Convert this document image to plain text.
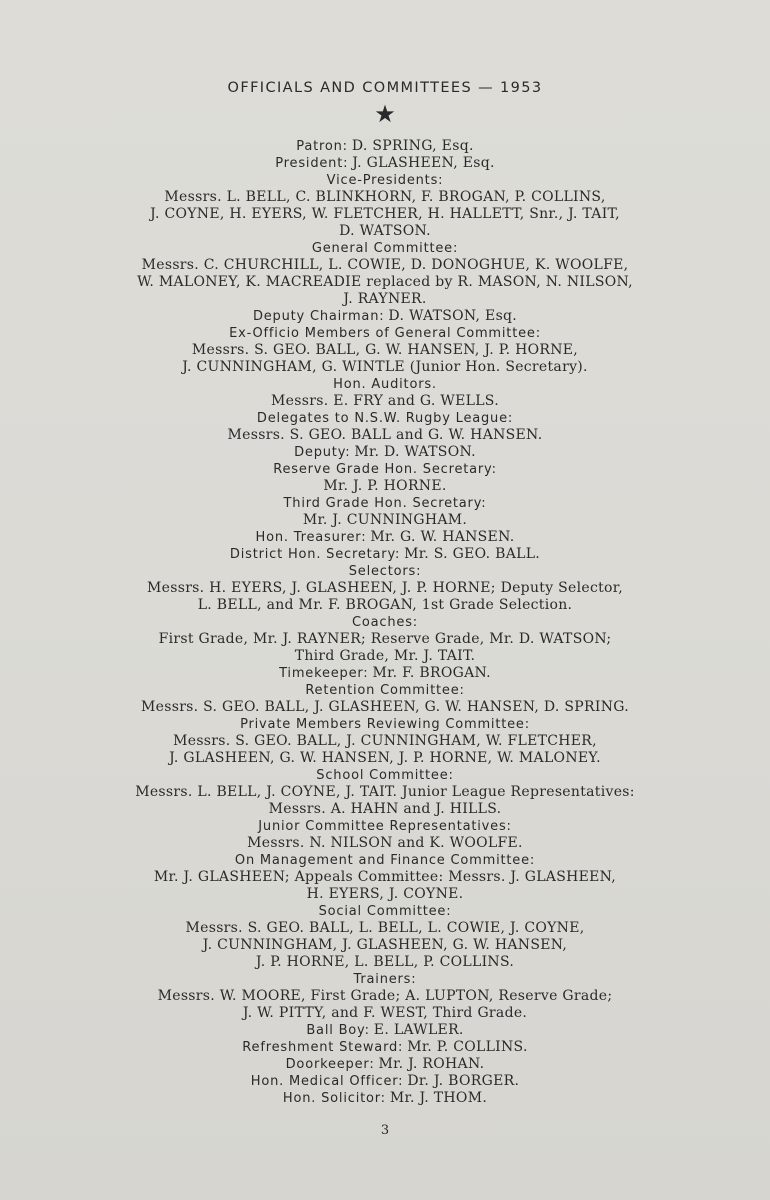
OFFICIALS AND COMMITTEES — 1953
★
Patron: D. SPRING, Esq.
President: J. GLASHEEN, Esq.
Vice-Presidents:
Messrs. L. BELL, C. BLINKHORN, F. BROGAN, P. COLLINS,
J. COYNE, H. EYERS, W. FLETCHER, H. HALLETT, Snr., J. TAIT,
D. WATSON.
General Committee:
Messrs. C. CHURCHILL, L. COWIE, D. DONOGHUE, K. WOOLFE,
W. MALONEY, K. MACREADIE replaced by R. MASON, N. NILSON,
J. RAYNER.
Deputy Chairman: D. WATSON, Esq.
Ex-Officio Members of General Committee:
Messrs. S. GEO. BALL, G. W. HANSEN, J. P. HORNE,
J. CUNNINGHAM, G. WINTLE (Junior Hon. Secretary).
Hon. Auditors.
Messrs. E. FRY and G. WELLS.
Delegates to N.S.W. Rugby League:
Messrs. S. GEO. BALL and G. W. HANSEN.
Deputy: Mr. D. WATSON.
Reserve Grade Hon. Secretary:
Mr. J. P. HORNE.
Third Grade Hon. Secretary:
Mr. J. CUNNINGHAM.
Hon. Treasurer: Mr. G. W. HANSEN.
District Hon. Secretary: Mr. S. GEO. BALL.
Selectors:
Messrs. H. EYERS, J. GLASHEEN, J. P. HORNE; Deputy Selector,
L. BELL, and Mr. F. BROGAN, 1st Grade Selection.
Coaches:
First Grade, Mr. J. RAYNER; Reserve Grade, Mr. D. WATSON;
Third Grade, Mr. J. TAIT.
Timekeeper: Mr. F. BROGAN.
Retention Committee:
Messrs. S. GEO. BALL, J. GLASHEEN, G. W. HANSEN, D. SPRING.
Private Members Reviewing Committee:
Messrs. S. GEO. BALL, J. CUNNINGHAM, W. FLETCHER,
J. GLASHEEN, G. W. HANSEN, J. P. HORNE, W. MALONEY.
School Committee:
Messrs. L. BELL, J. COYNE, J. TAIT. Junior League Representatives:
Messrs. A. HAHN and J. HILLS.
Junior Committee Representatives:
Messrs. N. NILSON and K. WOOLFE.
On Management and Finance Committee:
Mr. J. GLASHEEN; Appeals Committee: Messrs. J. GLASHEEN,
H. EYERS, J. COYNE.
Social Committee:
Messrs. S. GEO. BALL, L. BELL, L. COWIE, J. COYNE,
J. CUNNINGHAM, J. GLASHEEN, G. W. HANSEN,
J. P. HORNE, L. BELL, P. COLLINS.
Trainers:
Messrs. W. MOORE, First Grade; A. LUPTON, Reserve Grade;
J. W. PITTY, and F. WEST, Third Grade.
Ball Boy: E. LAWLER.
Refreshment Steward: Mr. P. COLLINS.
Doorkeeper: Mr. J. ROHAN.
Hon. Medical Officer: Dr. J. BORGER.
Hon. Solicitor: Mr. J. THOM.
3
